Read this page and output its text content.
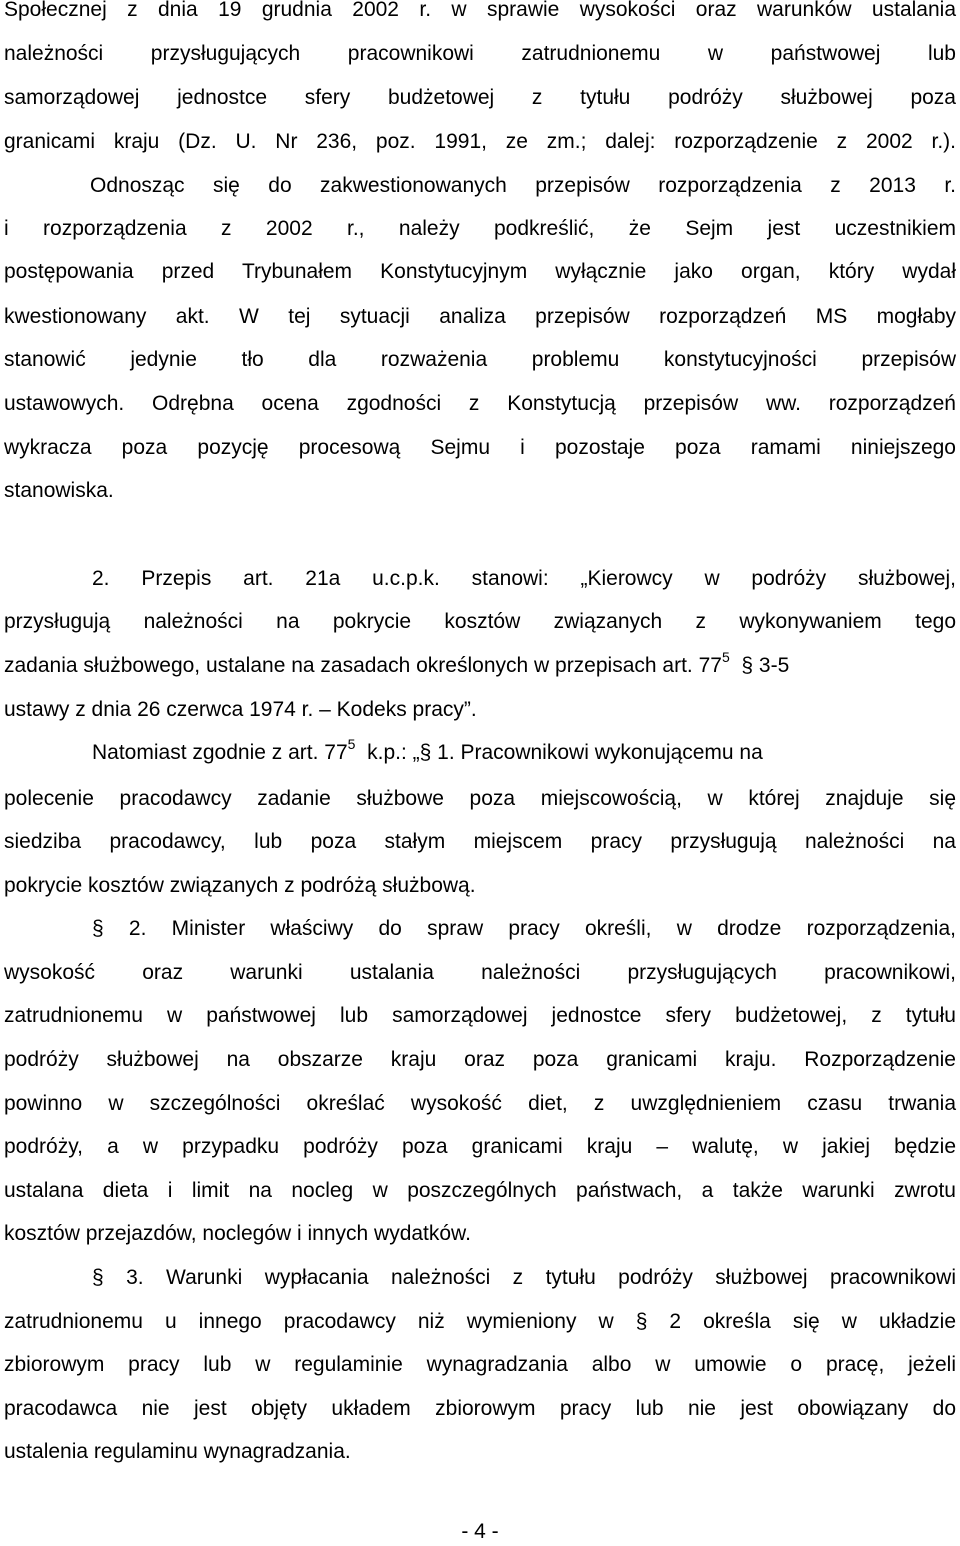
Społecznej z dnia 19 grudnia 2002 r. w sprawie wysokości oraz warunków ustalania
należności przysługujących pracownikowi zatrudnionemu w państwowej lub
samorządowej jednostce sfery budżetowej z tytułu podróży służbowej poza
granicami kraju (Dz. U. Nr 236, poz. 1991, ze zm.; dalej: rozporządzenie z 2002 r.).
Odnosząc się do zakwestionowanych przepisów rozporządzenia z 2013 r.
i rozporządzenia z 2002 r., należy podkreślić, że Sejm jest uczestnikiem
postępowania przed Trybunałem Konstytucyjnym wyłącznie jako organ, który wydał
kwestionowany akt. W tej sytuacji analiza przepisów rozporządzeń MS mogłaby
stanowić jedynie tło dla rozważenia problemu konstytucyjności przepisów
ustawowych. Odrębna ocena zgodności z Konstytucją przepisów ww. rozporządzeń
wykracza poza pozycję procesową Sejmu i pozostaje poza ramami niniejszego
stanowiska.
2. Przepis art. 21a u.c.p.k. stanowi: „Kierowcy w podróży służbowej,
przysługują należności na pokrycie kosztów związanych z wykonywaniem tego
zadania służbowego, ustalane na zasadach określonych w przepisach art. $77^5$ § 3-5
ustawy z dnia 26 czerwca 1974 r. – Kodeks pracy”.
Natomiast zgodnie z art. $77^5$ k.p.: „§ 1. Pracownikowi wykonującemu na
polecenie pracodawcy zadanie służbowe poza miejscowością, w której znajduje się
siedziba pracodawcy, lub poza stałym miejscem pracy przysługują należności na
pokrycie kosztów związanych z podróżą służbową.
§ 2. Minister właściwy do spraw pracy określi, w drodze rozporządzenia,
wysokość oraz warunki ustalania należności przysługujących pracownikowi,
zatrudnionemu w państwowej lub samorządowej jednostce sfery budżetowej, z tytułu
podróży służbowej na obszarze kraju oraz poza granicami kraju. Rozporządzenie
powinno w szczególności określać wysokość diet, z uwzględnieniem czasu trwania
podróży, a w przypadku podróży poza granicami kraju – walutę, w jakiej będzie
ustalana dieta i limit na nocleg w poszczególnych państwach, a także warunki zwrotu
kosztów przejazdów, noclegów i innych wydatków.
§ 3. Warunki wypłacania należności z tytułu podróży służbowej pracownikowi
zatrudnionemu u innego pracodawcy niż wymieniony w § 2 określa się w układzie
zbiorowym pracy lub w regulaminie wynagradzania albo w umowie o pracę, jeżeli
pracodawca nie jest objęty układem zbiorowym pracy lub nie jest obowiązany do
ustalenia regulaminu wynagradzania.
- 4 -
